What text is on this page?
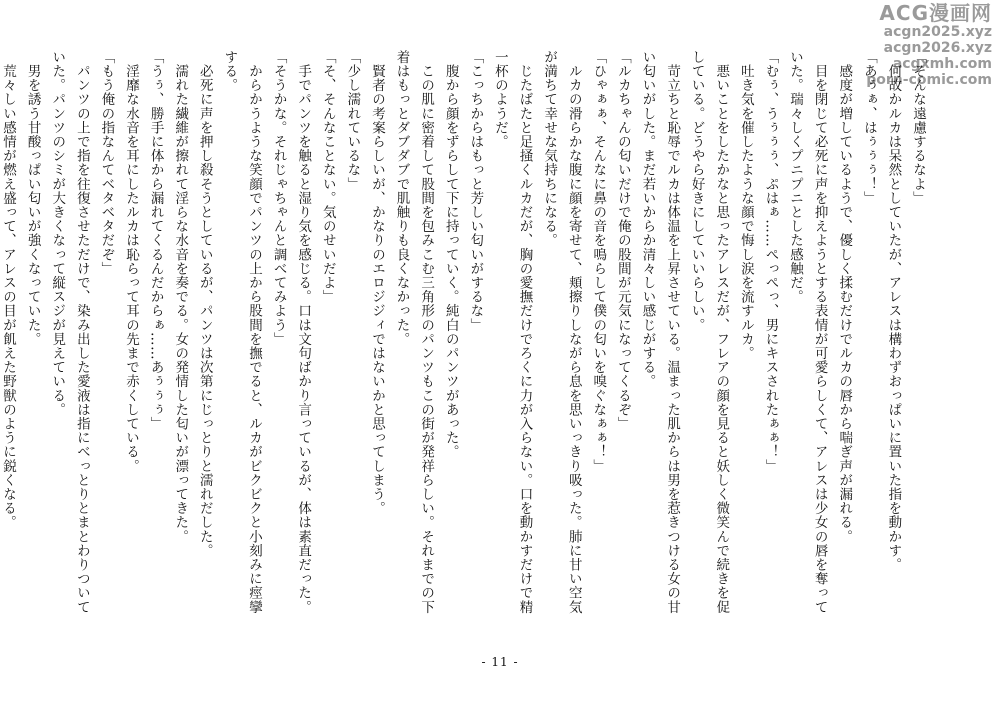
ACG漫画网
acgn2025.xyz
acgn2026.xyz
acgxmh.com
porn-comic.com
「そんな遠慮するなよ」
　何故かルカは呆然としていたが、アレスは構わずおっぱいに置いた指を動かす。
「あぅぁ、はぅぅぅ！」
　感度が増しているようで、優しく揉むだけでルカの唇から喘ぎ声が漏れる。
　目を閉じて必死に声を抑えようとする表情が可愛らしくて、アレスは少女の唇を奪って
いた。瑞々しくプニプニとした感触だ。
「むぅ、うぅぅぅ、ぷはぁ……ぺっぺっ、男にキスされたぁぁ！」
　吐き気を催したような顔で悔し涙を流すルカ。
　悪いことをしたかなと思ったアレスだが、フレアの顔を見ると妖しく微笑んで続きを促
している。どうやら好きにしていいらしい。
　苛立ちと恥辱でルカは体温を上昇させている。温まった肌からは男を惹きつける女の甘
い匂いがした。まだ若いからか清々しい感じがする。
「ルカちゃんの匂いだけで俺の股間が元気になってくるぞ」
「ひゃぁぁ、そんなに鼻の音を鳴らして僕の匂いを嗅ぐなぁぁ！」
　ルカの滑らかな腹に顔を寄せて、頬擦りしながら息を思いっきり吸った。肺に甘い空気
が満ちて幸せな気持ちになる。
　じたばたと足掻くルカだが、胸の愛撫だけでろくに力が入らない。口を動かすだけで精
一杯のようだ。
「こっちからはもっと芳しい匂いがするな」
　腹から顔をずらして下に持っていく。純白のパンツがあった。
　この肌に密着して股間を包みこむ三角形のパンツもこの街が発祥らしい。それまでの下
着はもっとダブダブで肌触りも良くなかった。
　賢者の考案らしいが、かなりのエロジジィではないかと思ってしまう。
「少し濡れているな」
「そ、そんなことない。気のせいだよ」
　手でパンツを触ると湿り気を感じる。口は文句ばかり言っているが、体は素直だった。
「そうかな。それじゃちゃんと調べてみよう」
　からかうような笑顔でパンツの上から股間を撫でると、ルカがビクビクと小刻みに痙攣
する。
　必死に声を押し殺そうとしているが、パンツは次第にじっとりと濡れだした。
　濡れた繊維が擦れて淫らな水音を奏でる。女の発情した匂いが漂ってきた。
「うぅ、勝手に体から漏れてくるんだからぁ……あぅぅぅ」
　淫靡な水音を耳にしたルカは恥らって耳の先まで赤くしている。
「もう俺の指なんてベタベタだぞ」
　パンツの上で指を往復させただけで、染み出した愛液は指にべっとりとまとわりついて
いた。パンツのシミが大きくなって縦スジが見えている。
　男を誘う甘酸っぱい匂いが強くなっていた。
　荒々しい感情が燃え盛って、アレスの目が飢えた野獣のように鋭くなる。
- 11 -
